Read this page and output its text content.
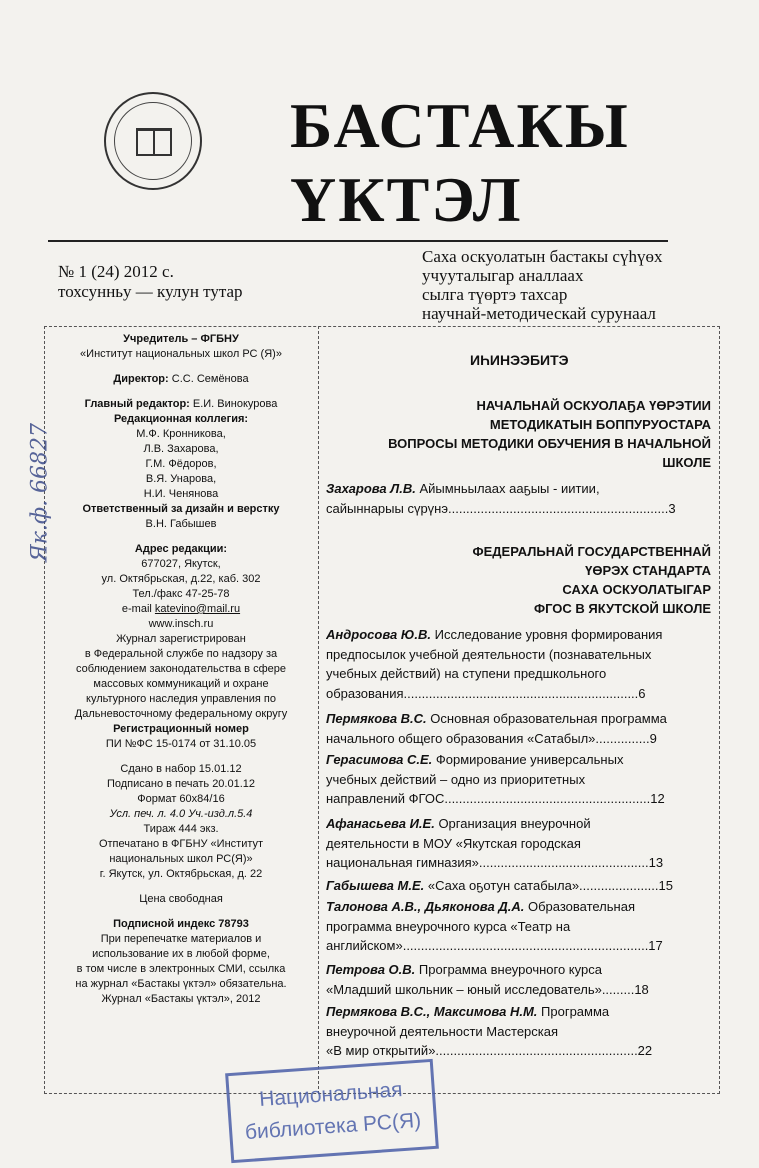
БАСТАКЫ
ҮКТЭЛ
№ 1 (24) 2012 с.
тохсунньу — кулун тутар
Саха оскуолатын бастакы сүһүөх
учууталыгар аналлаах
сылга түөртэ тахсар
научнай-методическай сурунаал
Учредитель – ФГБНУ
«Институт национальных школ РС (Я)»
Директор: С.С. Семёнова
Главный редактор: Е.И. Винокурова
Редакционная коллегия:
М.Ф. Кронникова,
Л.В. Захарова,
Г.М. Фёдоров,
В.Я. Унарова,
Н.И. Ченянова
Ответственный за дизайн и верстку
В.Н. Габышев
Адрес редакции:
677027, Якутск,
ул. Октябрьская, д.22, каб. 302
Тел./факс 47-25-78
e-mail katevino@mail.ru
www.insch.ru
Журнал зарегистрирован
в Федеральной службе по надзору за
соблюдением законодательства в сфере
массовых коммуникаций и охране
культурного наследия управления по
Дальневосточному федеральному округу
Регистрационный номер
ПИ №ФС 15-0174 от 31.10.05
Сдано в набор 15.01.12
Подписано в печать 20.01.12
Формат 60х84/16
Усл. печ. л. 4.0 Уч.-изд.л.5.4
Тираж 444 экз.
Отпечатано в ФГБНУ «Институт
национальных школ РС(Я)»
г. Якутск, ул. Октябрьская, д. 22
Цена свободная
Подписной индекс 78793
При перепечатке материалов и
использование их в любой форме,
в том числе в электронных СМИ, ссылка
на журнал «Бастакы үктэл» обязательна.
Журнал «Бастакы үктэл», 2012
ИҺИНЭЭБИТЭ
НАЧАЛЬНАЙ ОСКУОЛАҔА ҮӨРЭТИИ
МЕТОДИКАТЫН БОППУРУОСТАРА
ВОПРОСЫ МЕТОДИКИ ОБУЧЕНИЯ В НАЧАЛЬНОЙ
ШКОЛЕ
Захарова Л.В. Айымньылаах ааҕыы - иитии,
сайыннарыы сүрүнэ.............................................................3
ФЕДЕРАЛЬНАЙ ГОСУДАРСТВЕННАЙ
ҮӨРЭХ СТАНДАРТА
САХА ОСКУОЛАТЫГАР
ФГОС В ЯКУТСКОЙ ШКОЛЕ
Андросова Ю.В. Исследование уровня формирования
предпосылок учебной деятельности (познавательных
учебных действий) на ступени предшкольного
образования.................................................................6
Пермякова В.С. Основная образовательная программа
начального общего образования «Сатабыл»...............9
Герасимова С.Е. Формирование универсальных
учебных действий – одно из приоритетных
направлений ФГОС.........................................................12
Афанасьева И.Е. Организация внеурочной
деятельности в МОУ «Якутская городская
национальная гимназия»...............................................13
Габышева М.Е. «Саха оҕотун сатабыла»......................15
Талонова А.В., Дьяконова Д.А. Образовательная
программа внеурочного курса «Театр на
английском»....................................................................17
Петрова О.В. Программа внеурочного курса
«Младший школьник – юный исследователь».........18
Пермякова В.С., Максимова Н.М. Программа
внеурочной деятельности Мастерская
«В мир открытий»........................................................22
Национальная
библиотека РС(Я)
Як.ф. 66827
